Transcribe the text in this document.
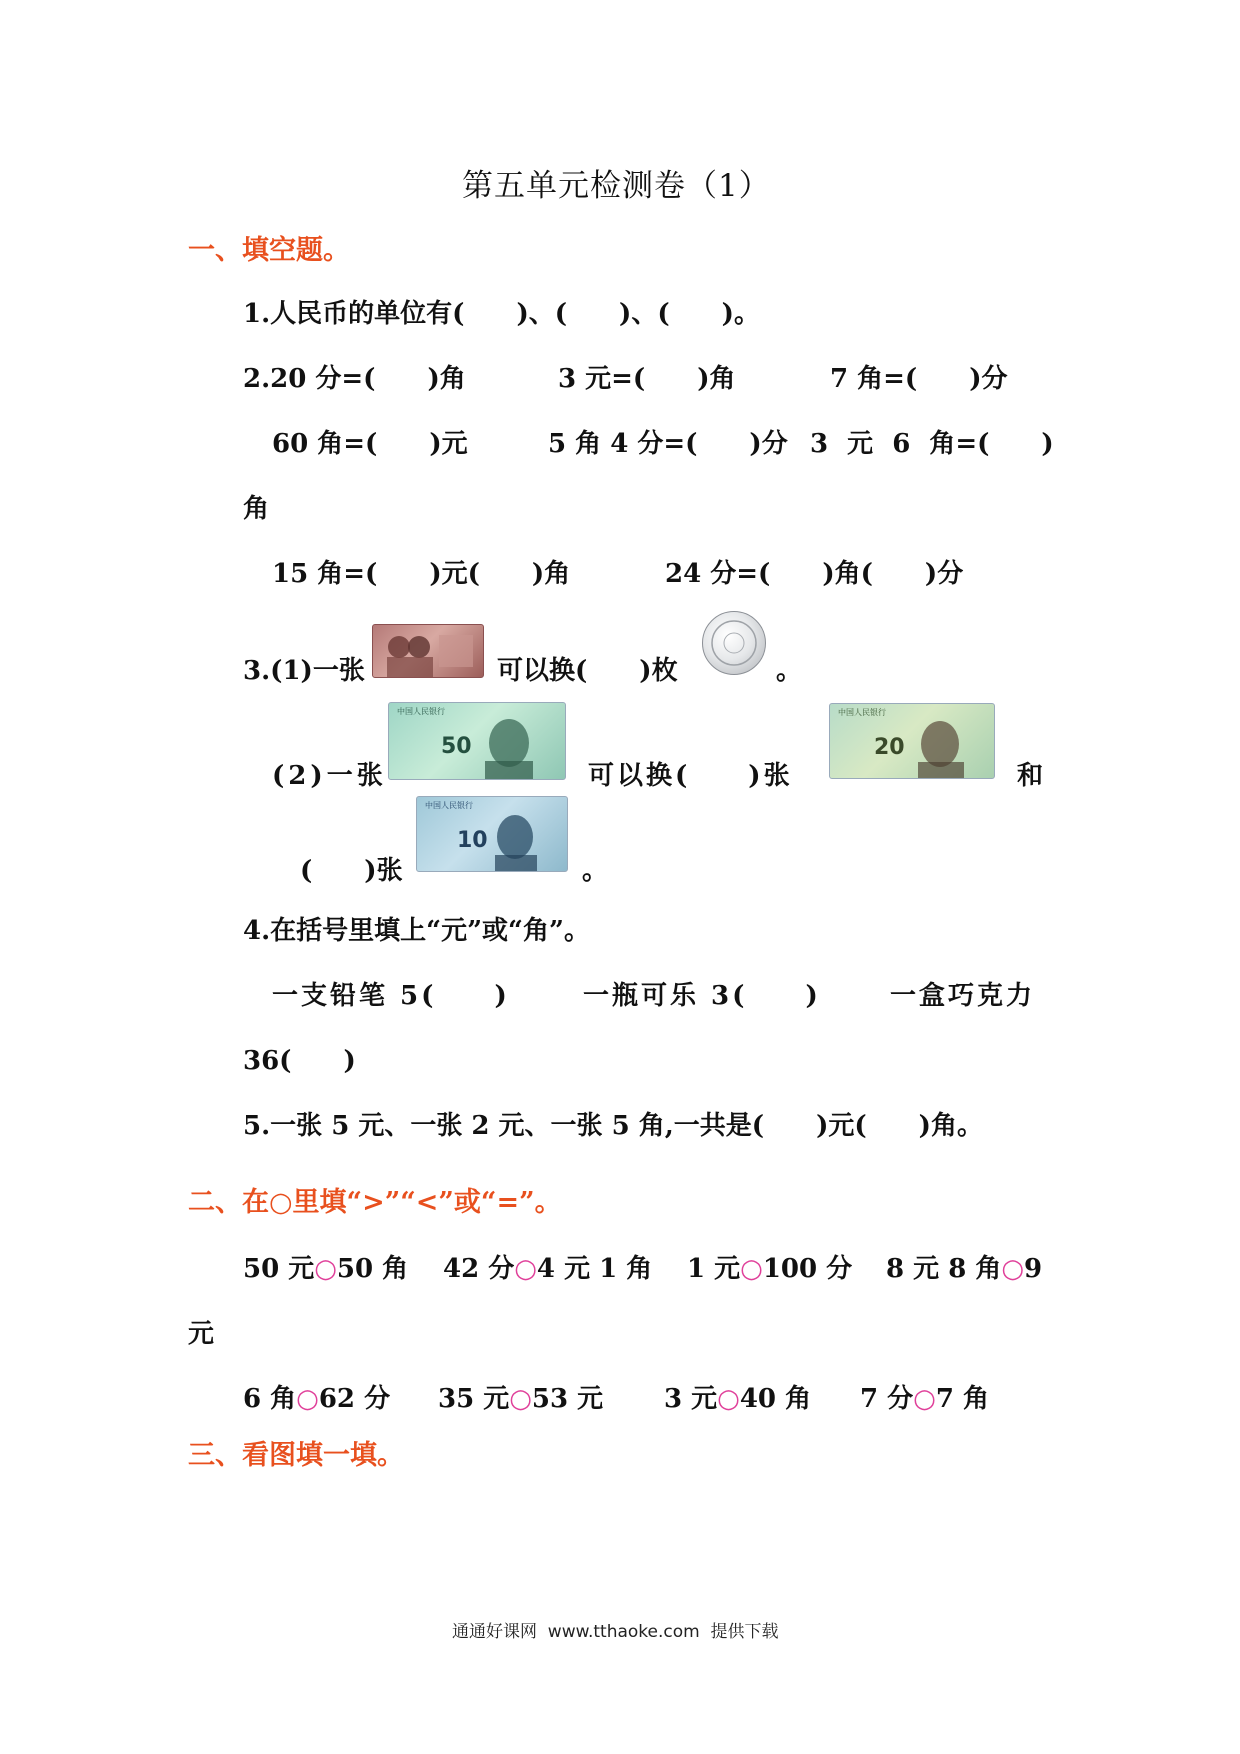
第五单元检测卷（1）
一、填空题。
1.人民币的单位有(　　)、(　　)、(　　)。
2.20 分=(　　)角	3 元=(　　)角	7 角=(　　)分
60 角=(　　)元	5 角 4 分=(　　)分 3 元 6 角=(　　)
角
15 角=(　　)元(　　)角	24 分=(　　)角(　　)分
3.(1)一张	可以换(　　)枚	。
(2)一张
中国人民银行
50
可以换(　　)张
中国人民银行
20
和
中国人民银行
10
(　　)张	。
4.在括号里填上“元”或“角”。
一支铅笔 5(　　)	一瓶可乐 3(　　)	一盒巧克力
36(　　)
5.一张 5 元、一张 2 元、一张 5 角,一共是(　　)元(　　)角。
二、在○里填“>”“<”或“=”。
50 元○50 角 42 分○4 元 1 角 1 元○100 分 8 元 8 角○9
元
6 角○62 分 35 元○53 元 3 元○40 角 7 分○7 角
三、看图填一填。
通通好课网  www.tthaoke.com  提供下载
